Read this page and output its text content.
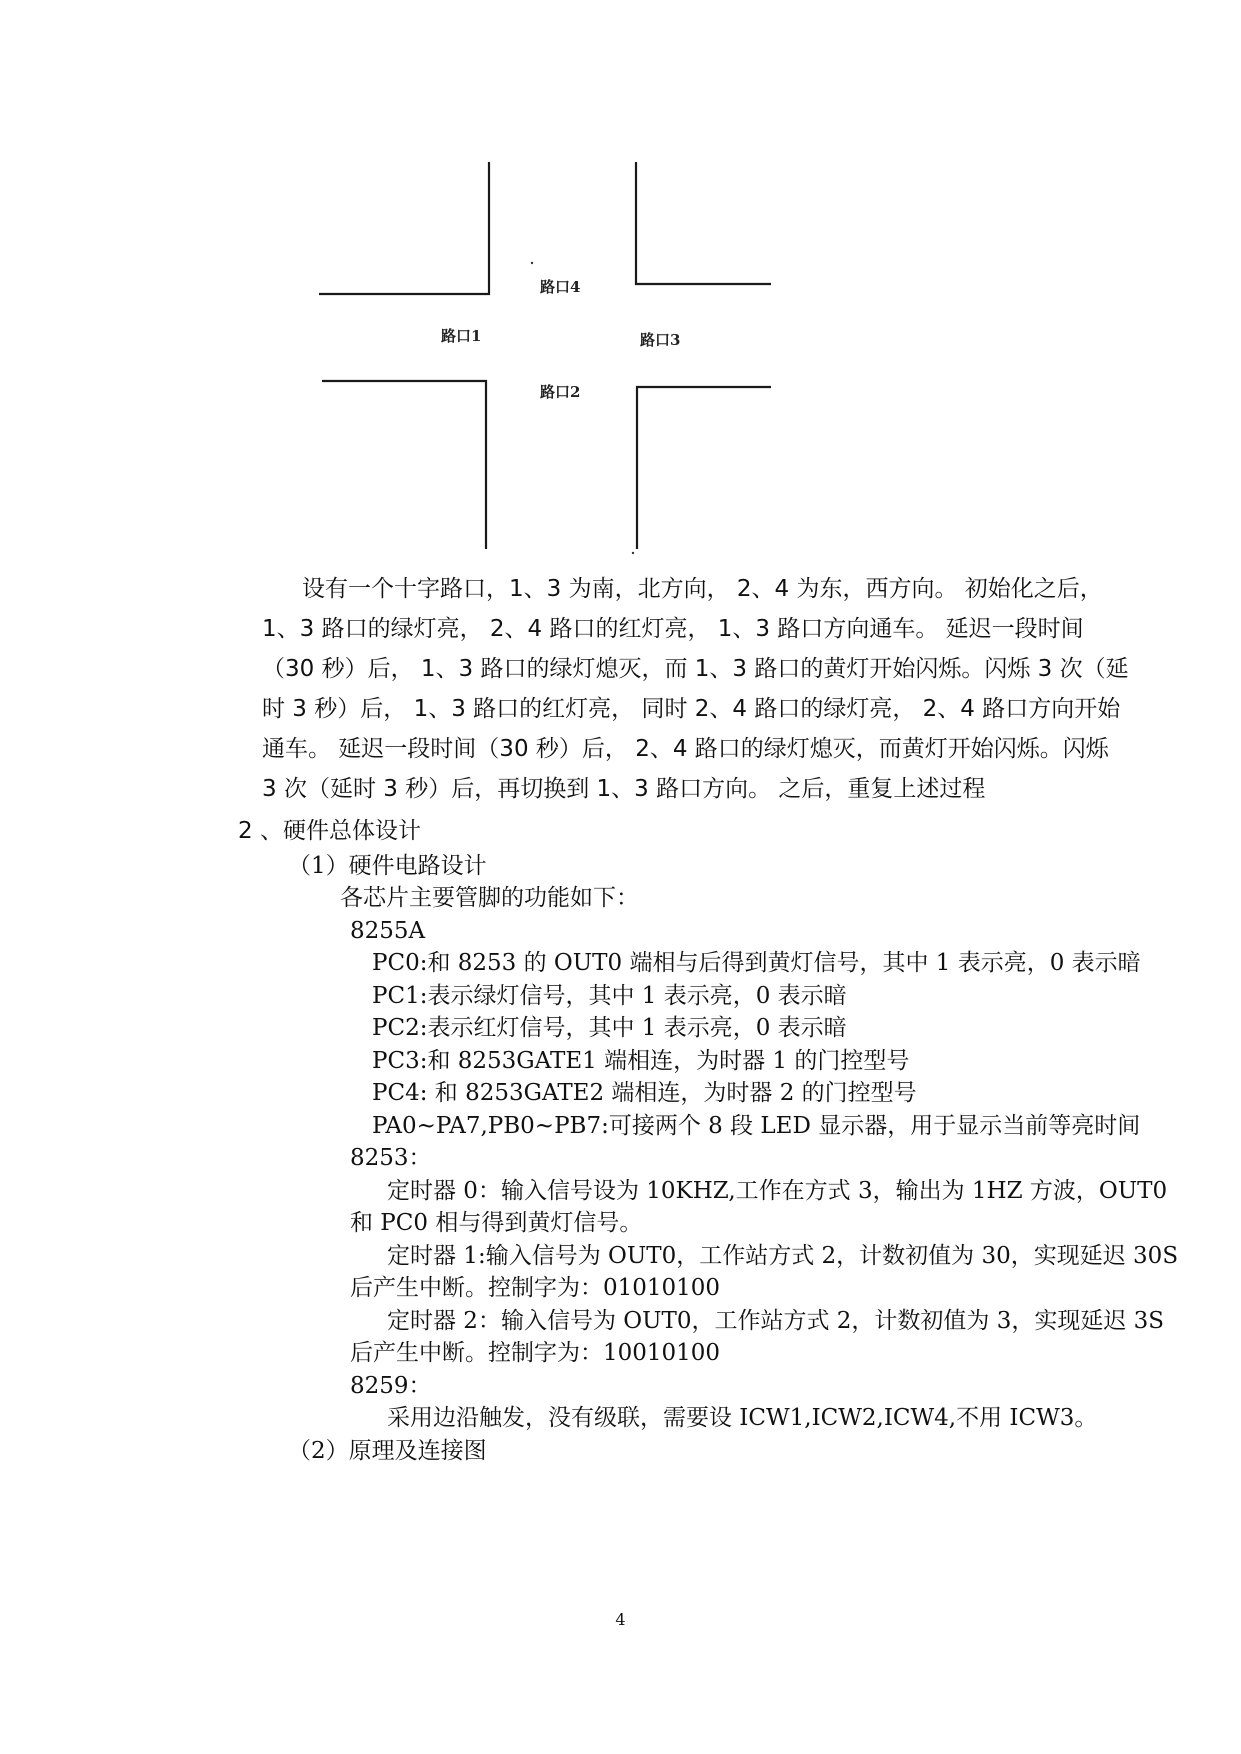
路口4
路口1	路口3
路口2
设有一个十字路口，1、3 为南，北方向， 2、4 为东，西方向。 初始化之后，
1、3 路口的绿灯亮， 2、4 路口的红灯亮， 1、3 路口方向通车。 延迟一段时间
（30 秒）后， 1、3 路口的绿灯熄灭，而 1、3 路口的黄灯开始闪烁。闪烁 3 次（延
时 3 秒）后， 1、3 路口的红灯亮， 同时 2、4 路口的绿灯亮， 2、4 路口方向开始
通车。 延迟一段时间（30 秒）后， 2、4 路口的绿灯熄灭，而黄灯开始闪烁。闪烁
3 次（延时 3 秒）后，再切换到 1、3 路口方向。 之后，重复上述过程
2 、硬件总体设计
（1）硬件电路设计
各芯片主要管脚的功能如下：
8255A
PC0:和 8253 的 OUT0 端相与后得到黄灯信号，其中 1 表示亮，0 表示暗
PC1:表示绿灯信号，其中 1 表示亮，0 表示暗
PC2:表示红灯信号，其中 1 表示亮，0 表示暗
PC3:和 8253GATE1 端相连，为时器 1 的门控型号
PC4: 和 8253GATE2 端相连，为时器 2 的门控型号
PA0~PA7,PB0~PB7:可接两个 8 段 LED 显示器，用于显示当前等亮时间
8253：
定时器 0：输入信号设为 10KHZ,工作在方式 3，输出为 1HZ 方波，OUT0
和 PC0 相与得到黄灯信号。
定时器 1:输入信号为 OUT0，工作站方式 2，计数初值为 30，实现延迟 30S
后产生中断。控制字为：01010100
定时器 2：输入信号为 OUT0，工作站方式 2，计数初值为 3，实现延迟 3S
后产生中断。控制字为：10010100
8259：
采用边沿触发，没有级联，需要设 ICW1,ICW2,ICW4,不用 ICW3。
（2）原理及连接图
4
